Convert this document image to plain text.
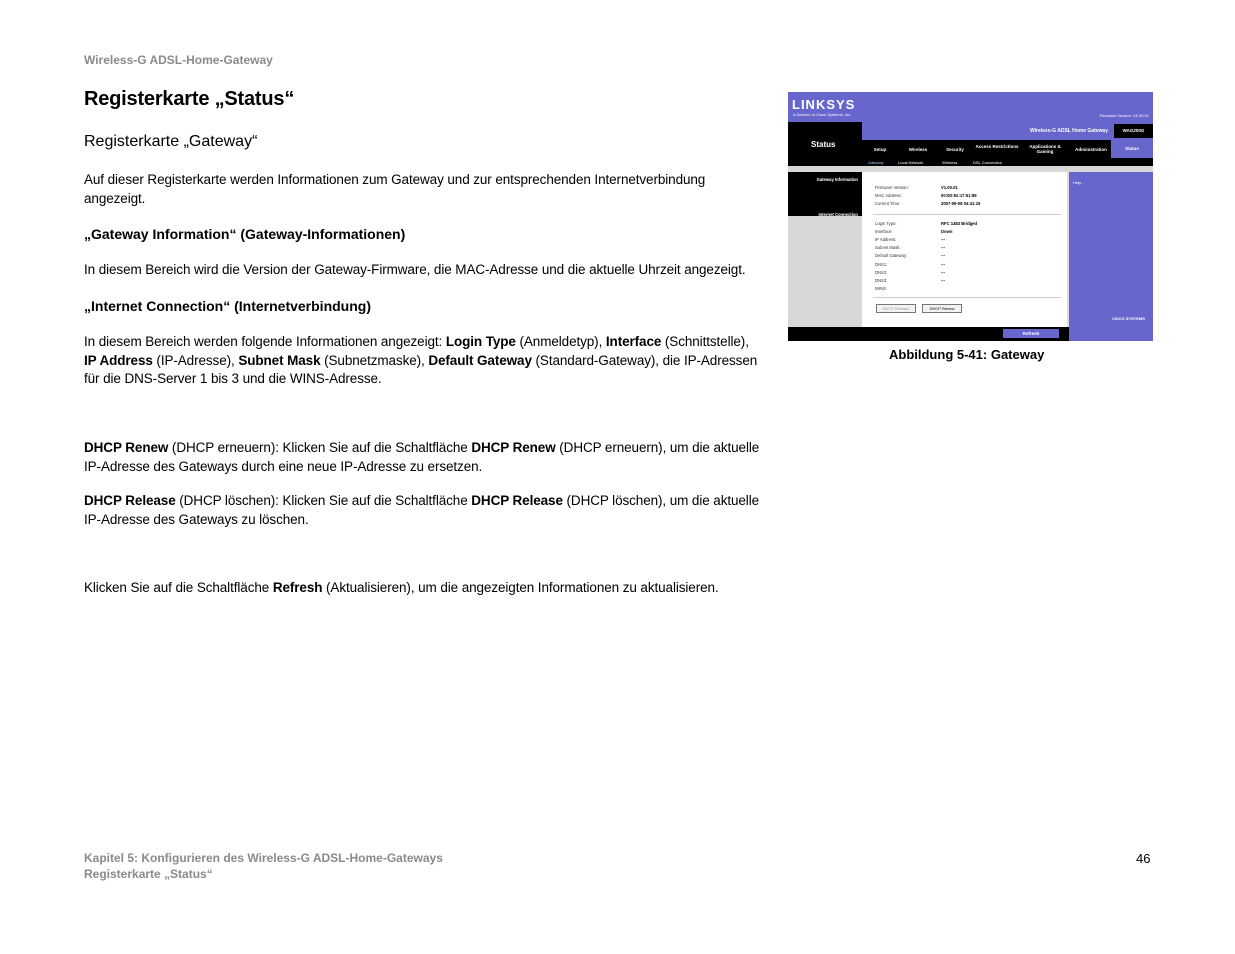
Wireless-G ADSL-Home-Gateway
Registerkarte „Status“
Registerkarte „Gateway“
Auf dieser Registerkarte werden Informationen zum Gateway und zur entsprechenden Internetverbindung angezeigt.
„Gateway Information“ (Gateway-Informationen)
In diesem Bereich wird die Version der Gateway-Firmware, die MAC-Adresse und die aktuelle Uhrzeit angezeigt.
„Internet Connection“ (Internetverbindung)
In diesem Bereich werden folgende Informationen angezeigt: Login Type (Anmeldetyp), Interface (Schnittstelle), IP Address (IP-Adresse), Subnet Mask (Subnetzmaske), Default Gateway (Standard-Gateway), die IP-Adressen für die DNS-Server 1 bis 3 und die WINS-Adresse.
DHCP Renew (DHCP erneuern): Klicken Sie auf die Schaltfläche DHCP Renew (DHCP erneuern), um die aktuelle IP-Adresse des Gateways durch eine neue IP-Adresse zu ersetzen.
DHCP Release (DHCP löschen): Klicken Sie auf die Schaltfläche DHCP Release (DHCP löschen), um die aktuelle IP-Adresse des Gateways zu löschen.
Klicken Sie auf die Schaltfläche Refresh (Aktualisieren), um die angezeigten Informationen zu aktualisieren.
LINKSYS
A Division of Cisco Systems, Inc.	Firmware Version: V1.00.01
Status
Wireless-G ADSL Home Gateway	WAG200G
Setup	Wireless	Security
Access Restrictions	Applications & Gaming	Administration	Status
Gateway	Local Network	Wireless	DSL Connection
Gateway Information
Internet Connection
Firmware Version:	V1.00.01
MAC Address:	00:0D:92:17:51:89
Current Time:	2007-09-08 04:41:15
Login Type:	RFC 1483 Bridged
Interface:	Down
IP Address:	---
Subnet Mask:	---
Default Gateway:	---
DNS1:	---
DNS2:	---
DNS3:	---
WINS:
DHCP Release	DHCP Renew
Help...
Refresh
CISCO SYSTEMS
Abbildung 5-41: Gateway
Kapitel 5: Konfigurieren des Wireless-G ADSL-Home-Gateways
Registerkarte „Status“
46
